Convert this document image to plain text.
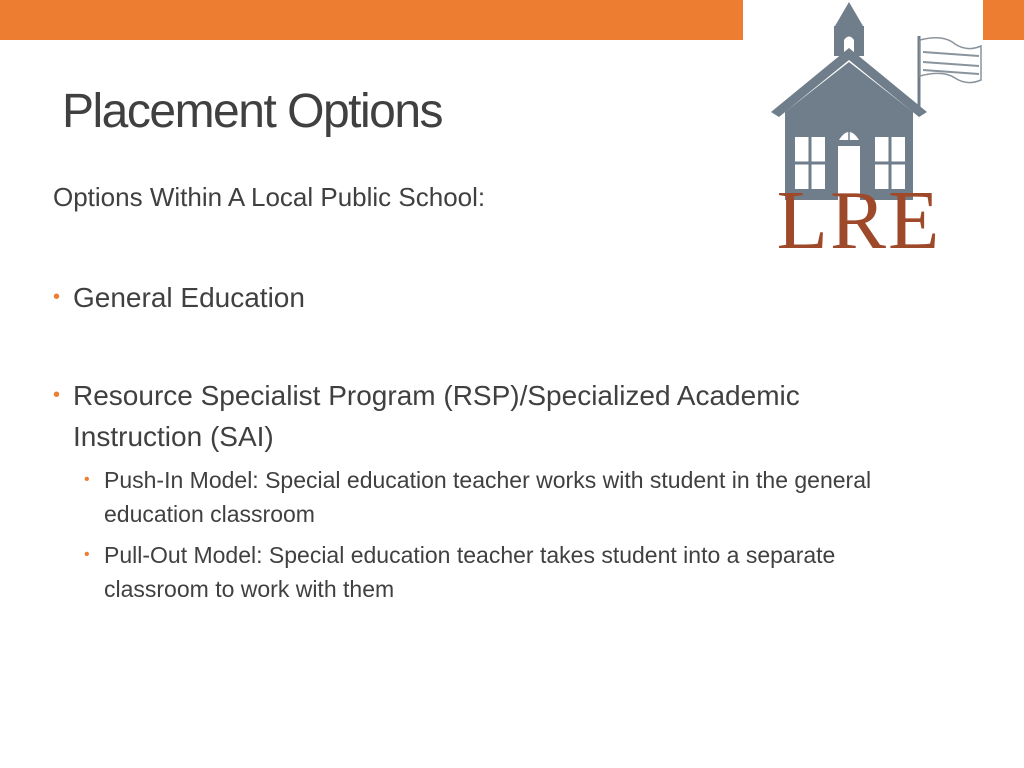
LRE
Placement Options
Options Within A Local Public School:
• General Education
• Resource Specialist Program (RSP)/Specialized Academic Instruction (SAI)
• Push-In Model: Special education teacher works with student in the general education classroom
• Pull-Out Model: Special education teacher takes student into a separate classroom to work with them
